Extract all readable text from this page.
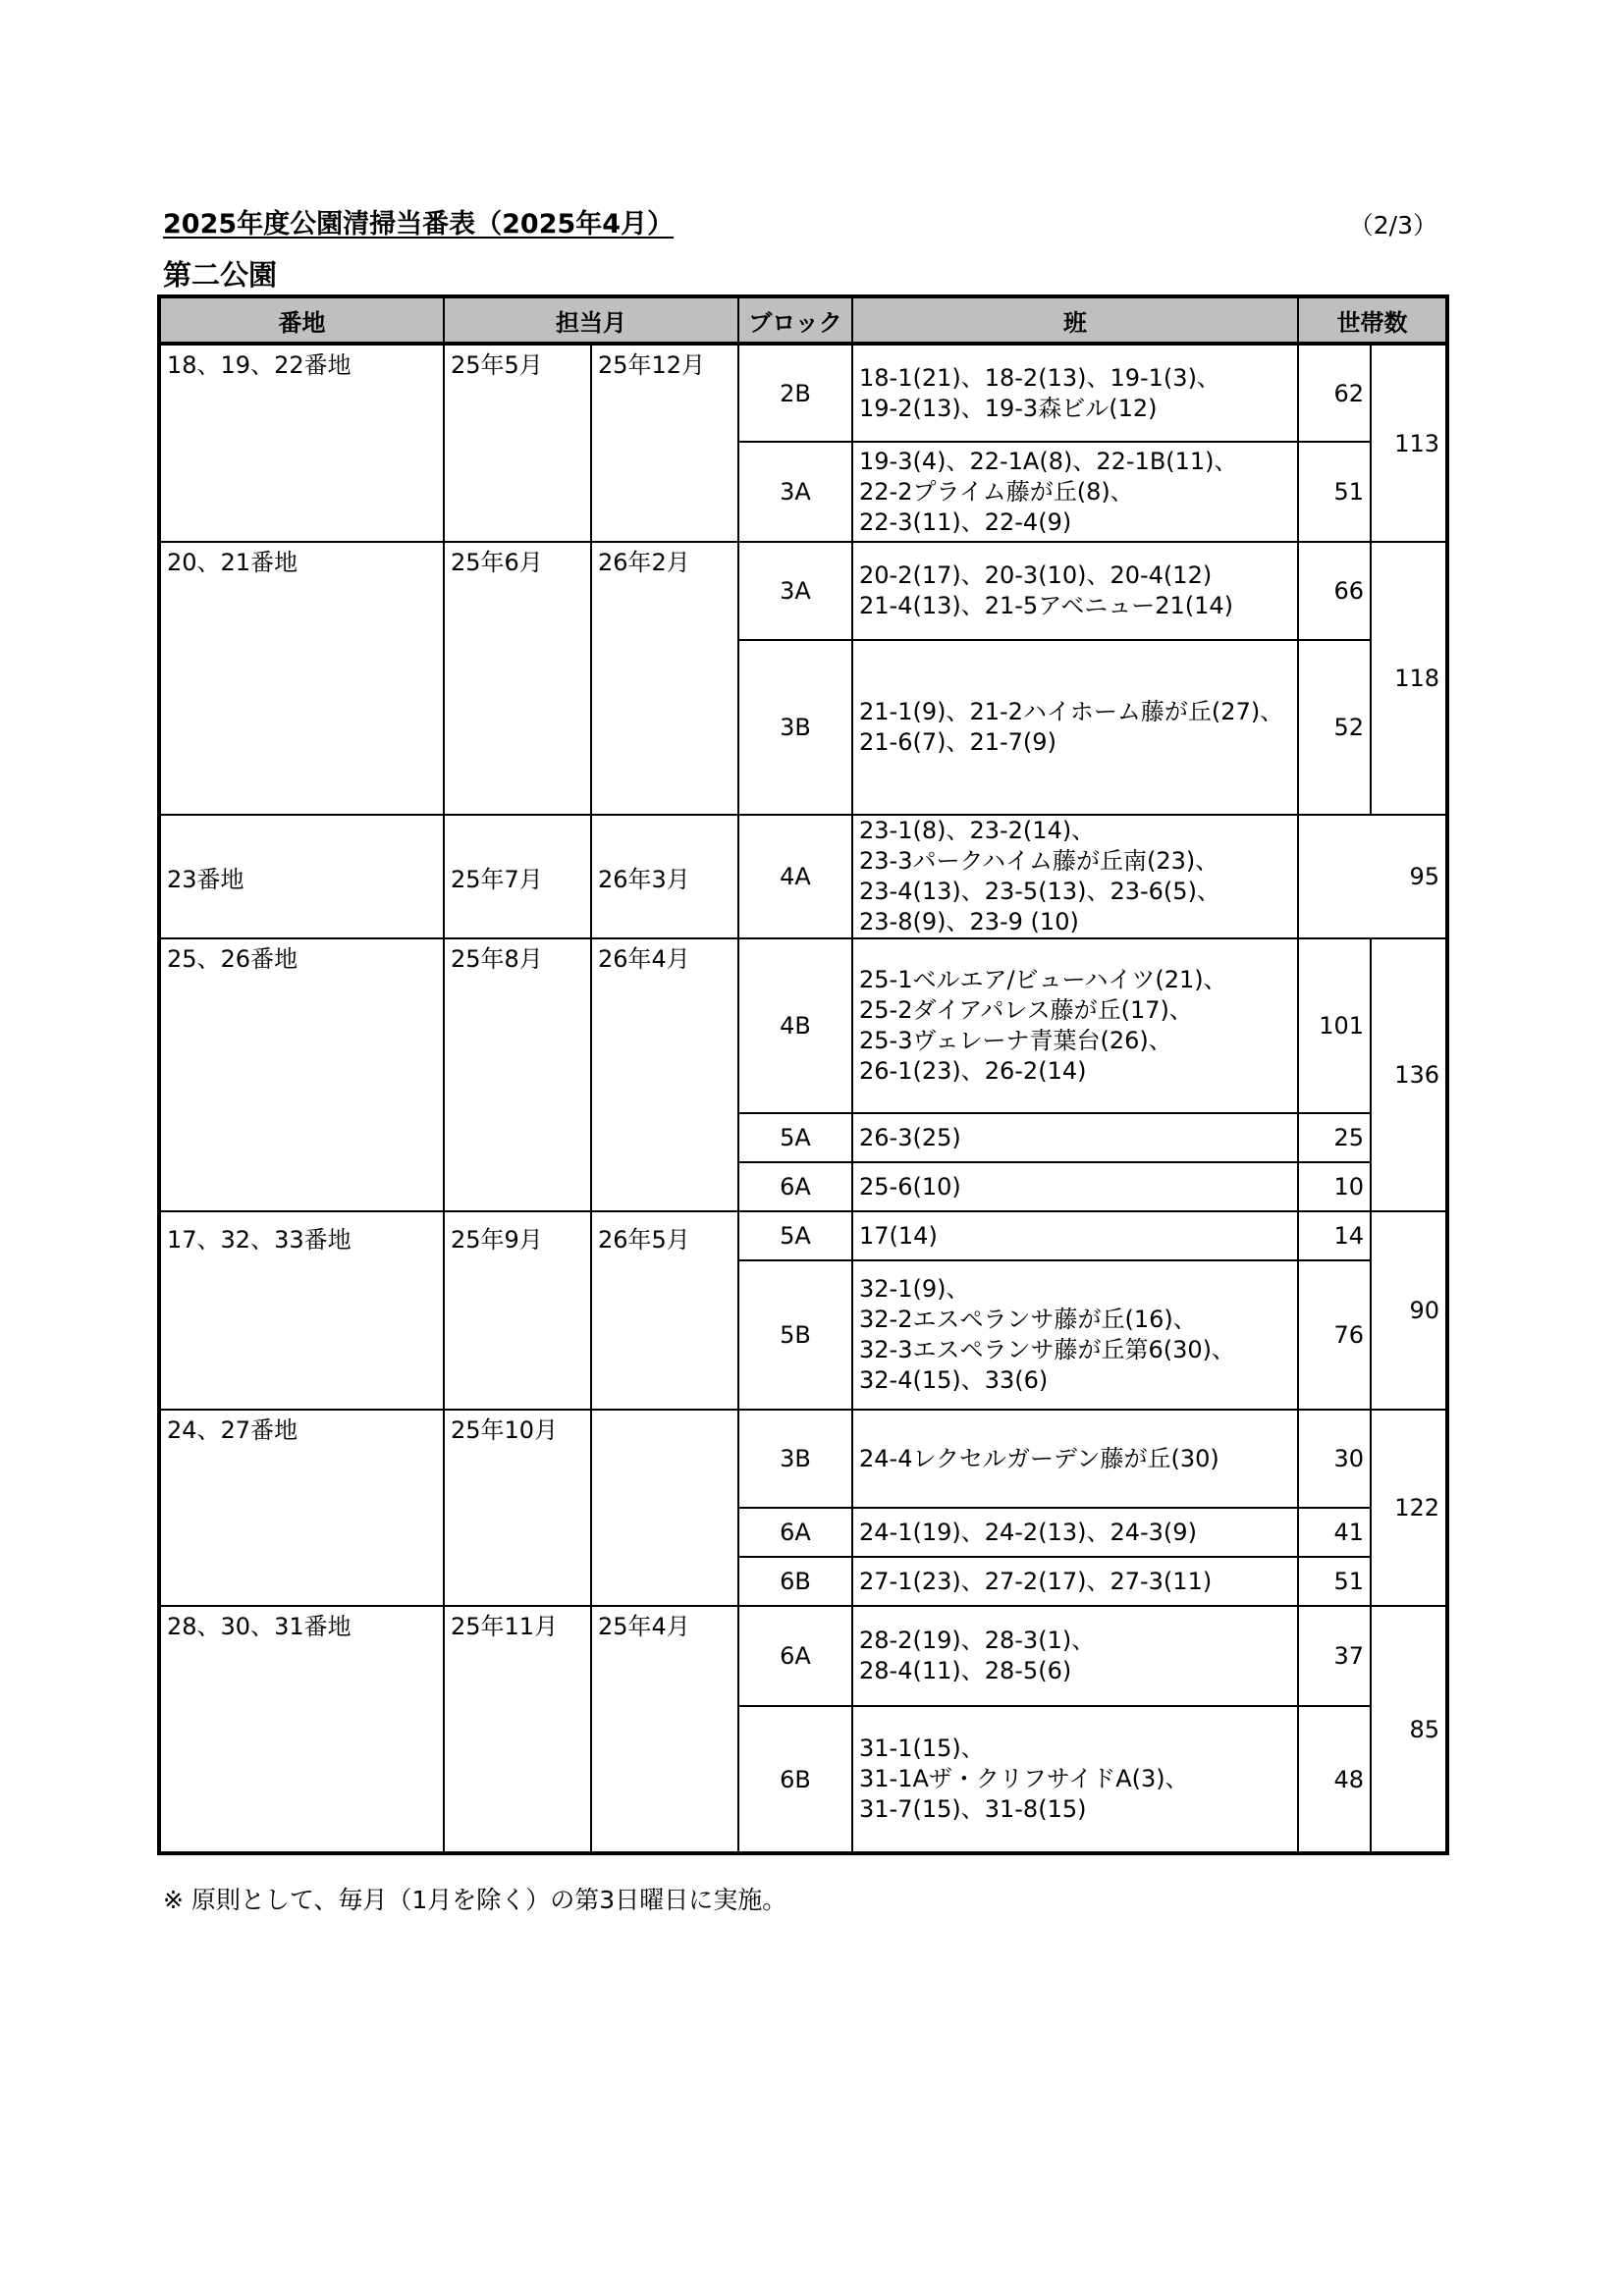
2025年度公園清掃当番表（2025年4月）	（2/3）
第二公園
番地	担当月		ブロック	班	世帯数	
18、19、22番地	25年5月	25年12月	2B	18-1(21)、18-2(13)、19-1(3)、
19-2(13)、19-3森ビル(12)	62	113
			3A	19-3(4)、22-1A(8)、22-1B(11)、
22-2プライム藤が丘(8)、
22-3(11)、22-4(9)	51	
20、21番地	25年6月	26年2月	3A	20-2(17)、20-3(10)、20-4(12)
21-4(13)、21-5アベニュー21(14)	66	118
			3B	21-1(9)、21-2ハイホーム藤が丘(27)、
21-6(7)、21-7(9)	52	
23番地	25年7月	26年3月	4A	23-1(8)、23-2(14)、
23-3パークハイム藤が丘南(23)、
23-4(13)、23-5(13)、23-6(5)、
23-8(9)、23-9 (10)	95	
25、26番地	25年8月	26年4月	4B	25-1ベルエア/ビューハイツ(21)、
25-2ダイアパレス藤が丘(17)、
25-3ヴェレーナ青葉台(26)、
26-1(23)、26-2(14)	101	136
			5A	26-3(25)	25	
			6A	25-6(10)	10	
17、32、33番地	25年9月	26年5月	5A	17(14)	14	90
			5B	32-1(9)、
32-2エスペランサ藤が丘(16)、
32-3エスペランサ藤が丘第6(30)、
32-4(15)、33(6)	76	
24、27番地	25年10月		3B	24-4レクセルガーデン藤が丘(30)	30	122
			6A	24-1(19)、24-2(13)、24-3(9)	41	
			6B	27-1(23)、27-2(17)、27-3(11)	51	
28、30、31番地	25年11月	25年4月	6A	28-2(19)、28-3(1)、
28-4(11)、28-5(6)	37	85
			6B	31-1(15)、
31-1Aザ・クリフサイドA(3)、
31-7(15)、31-8(15)	48	
※ 原則として、毎月（1月を除く）の第3日曜日に実施。
